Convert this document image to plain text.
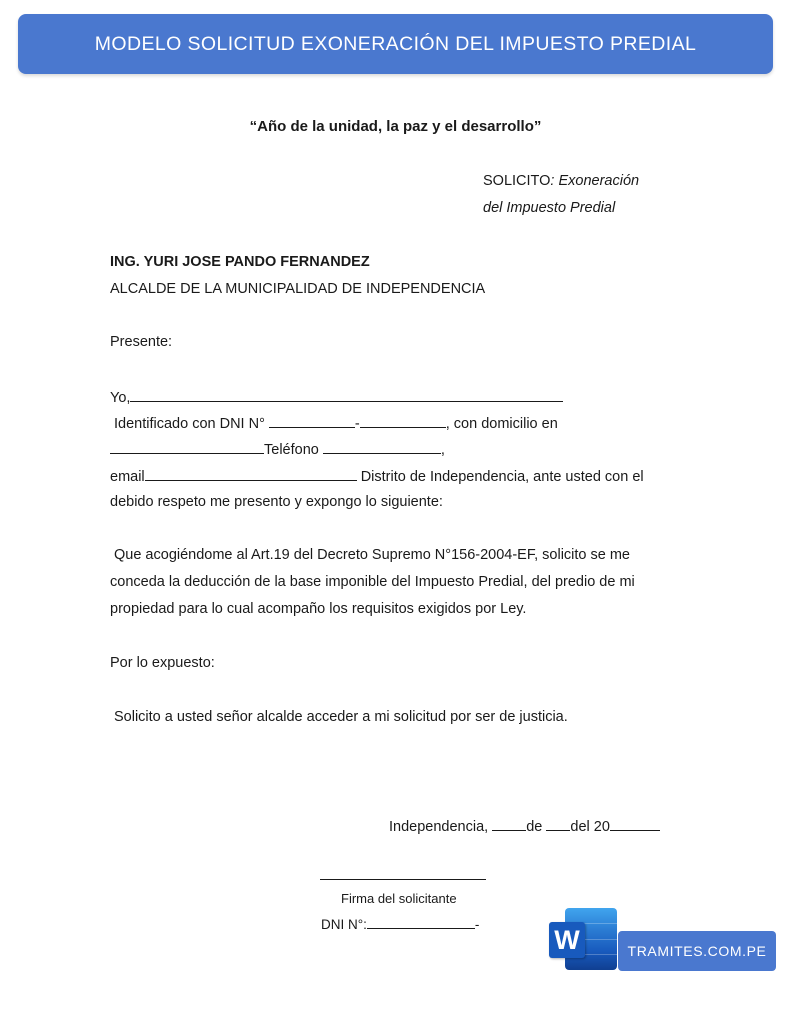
MODELO SOLICITUD EXONERACIÓN DEL IMPUESTO PREDIAL
“Año de la unidad, la paz y el desarrollo”
SOLICITO: Exoneración
del Impuesto Predial
ING. YURI JOSE PANDO FERNANDEZ
ALCALDE DE LA MUNICIPALIDAD DE INDEPENDENCIA
Presente:
Yo,
Identificado con DNI N°	-	, con domicilio en
Teléfono	,
email	Distrito de Independencia, ante usted con el
debido respeto me presento y expongo lo siguiente:
Que acogiéndome al Art.19 del Decreto Supremo N°156-2004-EF, solicito se me
conceda la deducción de la base imponible del Impuesto Predial, del predio de mi
propiedad para lo cual acompaño los requisitos exigidos por Ley.
Por lo expuesto:
Solicito a usted señor alcalde acceder a mi solicitud por ser de justicia.
Independencia,	de del 20
Firma del solicitante
DNI N°:	-	W	TRAMITES.COM.PE
